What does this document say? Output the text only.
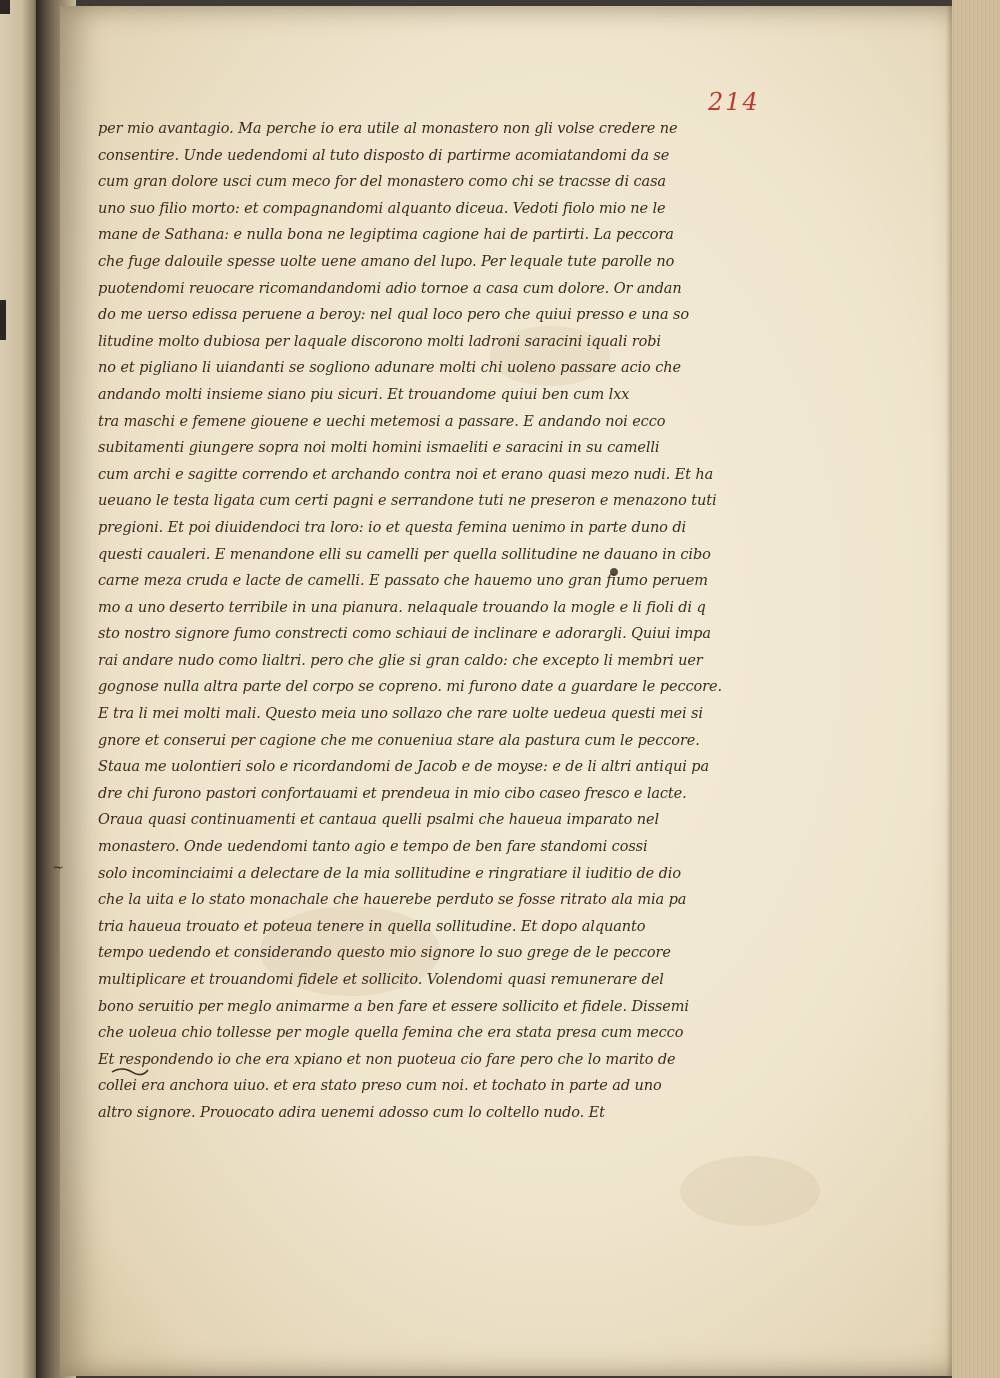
214
~
per mio avantagio. Ma perche io era utile al monastero non gli volse credere ne
consentire. Unde uedendomi al tuto disposto di partirme acomiatandomi da se
cum gran dolore usci cum meco for del monastero como chi se tracsse di casa
uno suo filio morto: et compagnandomi alquanto diceua. Vedoti fiolo mio ne le
mane de Sathana: e nulla bona ne legiptima cagione hai de partirti. La peccora
che fuge dalouile spesse uolte uene amano del lupo. Per lequale tute parolle no
puotendomi reuocare ricomandandomi adio tornoe a casa cum dolore. Or andan
do me uerso edissa peruene a beroy: nel qual loco pero che quiui presso e una so
litudine molto dubiosa per laquale discorono molti ladroni saracini iquali robi
no et pigliano li uiandanti se sogliono adunare molti chi uoleno passare acio che
andando molti insieme siano piu sicuri. Et trouandome quiui ben cum lxx
tra maschi e femene giouene e uechi metemosi a passare. E andando noi ecco
subitamenti giungere sopra noi molti homini ismaeliti e saracini in su camelli
cum archi e sagitte correndo et archando contra noi et erano quasi mezo nudi. Et ha
ueuano le testa ligata cum certi pagni e serrandone tuti ne preseron e menazono tuti
pregioni. Et poi diuidendoci tra loro: io et questa femina uenimo in parte duno di
questi caualeri. E menandone elli su camelli per quella sollitudine ne dauano in cibo
carne meza cruda e lacte de camelli. E passato che hauemo uno gran fiumo peruem
mo a uno deserto terribile in una pianura. nelaquale trouando la mogle e li fioli di q
sto nostro signore fumo constrecti como schiaui de inclinare e adorargli. Quiui impa
rai andare nudo como lialtri. pero che glie si gran caldo: che excepto li membri uer
gognose nulla altra parte del corpo se copreno. mi furono date a guardare le peccore.
E tra li mei molti mali. Questo meia uno sollazo che rare uolte uedeua questi mei si
gnore et conserui per cagione che me conueniua stare ala pastura cum le peccore.
Staua me uolontieri solo e ricordandomi de Jacob e de moyse: e de li altri antiqui pa
dre chi furono pastori confortauami et prendeua in mio cibo caseo fresco e lacte.
Oraua quasi continuamenti et cantaua quelli psalmi che haueua imparato nel
monastero. Onde uedendomi tanto agio e tempo de ben fare standomi cossi
solo incominciaimi a delectare de la mia sollitudine e ringratiare il iuditio de dio
che la uita e lo stato monachale che hauerebe perduto se fosse ritrato ala mia pa
tria haueua trouato et poteua tenere in quella sollitudine. Et dopo alquanto
tempo uedendo et considerando questo mio signore lo suo grege de le peccore
multiplicare et trouandomi fidele et sollicito. Volendomi quasi remunerare del
bono seruitio per meglo animarme a ben fare et essere sollicito et fidele. Dissemi
che uoleua chio tollesse per mogle quella femina che era stata presa cum mecco
Et respondendo io che era xpiano et non puoteua cio fare pero che lo marito de
collei era anchora uiuo. et era stato preso cum noi. et tochato in parte ad uno
altro signore. Prouocato adira uenemi adosso cum lo coltello nudo. Et
